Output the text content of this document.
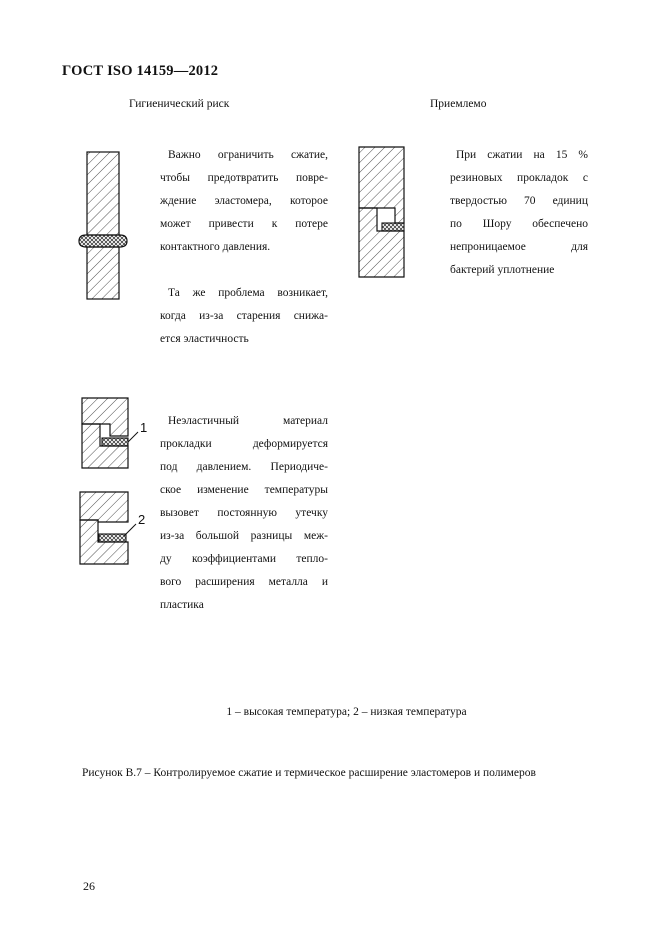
ГОСТ ISO 14159—2012
Гигиенический риск	Приемлемо
Важно ограничить сжатие,
чтобы предотвратить повре-
ждение эластомера, которое
может привести к потере
контактного давления.
Та же проблема возникает,
когда из-за старения снижа-
ется эластичность
При сжатии на 15 %
резиновых прокладок с
твердостью 70 единиц
по Шору обеспечено
непроницаемое для
бактерий уплотнение
1
2
Неэластичный материал
прокладки деформируется
под давлением. Периодиче-
ское изменение температуры
вызовет постоянную утечку
из-за большой разницы меж-
ду коэффициентами тепло-
вого расширения металла и
пластика
1 – высокая температура; 2 – низкая температура
Рисунок В.7 – Контролируемое сжатие и термическое расширение эластомеров и полимеров
26
